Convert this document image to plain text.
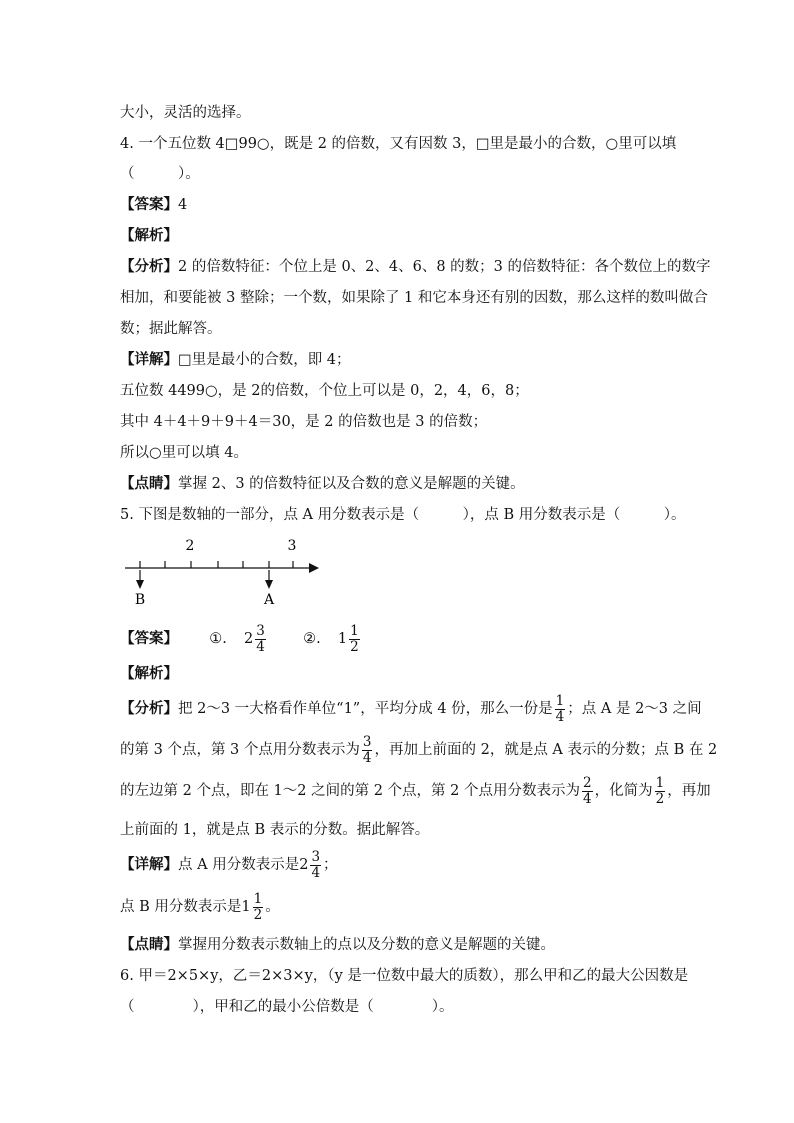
大小，灵活的选择。
4. 一个五位数 4□99○，既是 2 的倍数，又有因数 3，□里是最小的合数，○里可以填
（　　　）。
【答案】4
【解析】
【分析】2 的倍数特征：个位上是 0、2、4、6、8 的数；3 的倍数特征：各个数位上的数字
相加，和要能被 3 整除；一个数，如果除了 1 和它本身还有别的因数，那么这样的数叫做合
数；据此解答。
【详解】□里是最小的合数，即 4；
五位数 4499○，是 2的倍数，个位上可以是 0，2，4，6，8；
其中 4＋4＋9＋9＋4＝30，是 2 的倍数也是 3 的倍数；
所以○里可以填 4。
【点睛】掌握 2、3 的倍数特征以及合数的意义是解题的关键。
5. 下图是数轴的一部分，点 A 用分数表示是（　　　），点 B 用分数表示是（　　　）。
2	3
B	A
【答案】 ①. $2 \frac{3}{4}$	②. $1 \frac{1}{2}$
【解析】
【分析】把 2～3 一大格看作单位“1”，平均分成 4 份，那么一份是 $\frac{1}{4}$ ；点 A 是 2～3 之间
的第 3 个点，第 3 个点用分数表示为 $\frac{3}{4}$ ，再加上前面的 2，就是点 A 表示的分数；点 B 在 2
的左边第 2 个点，即在 1～2 之间的第 2 个点，第 2 个点用分数表示为 $\frac{2}{4}$ ，化简为 $\frac{1}{2}$ ，再加
上前面的 1，就是点 B 表示的分数。据此解答。
【详解】点 A 用分数表示是$2 \frac{3}{4}$ ；
点 B 用分数表示是$1 \frac{1}{2}$ 。
【点睛】掌握用分数表示数轴上的点以及分数的意义是解题的关键。
6. 甲＝2×5×y，乙＝2×3×y，（y 是一位数中最大的质数），那么甲和乙的最大公因数是
（　　　　），甲和乙的最小公倍数是（　　　　）。
